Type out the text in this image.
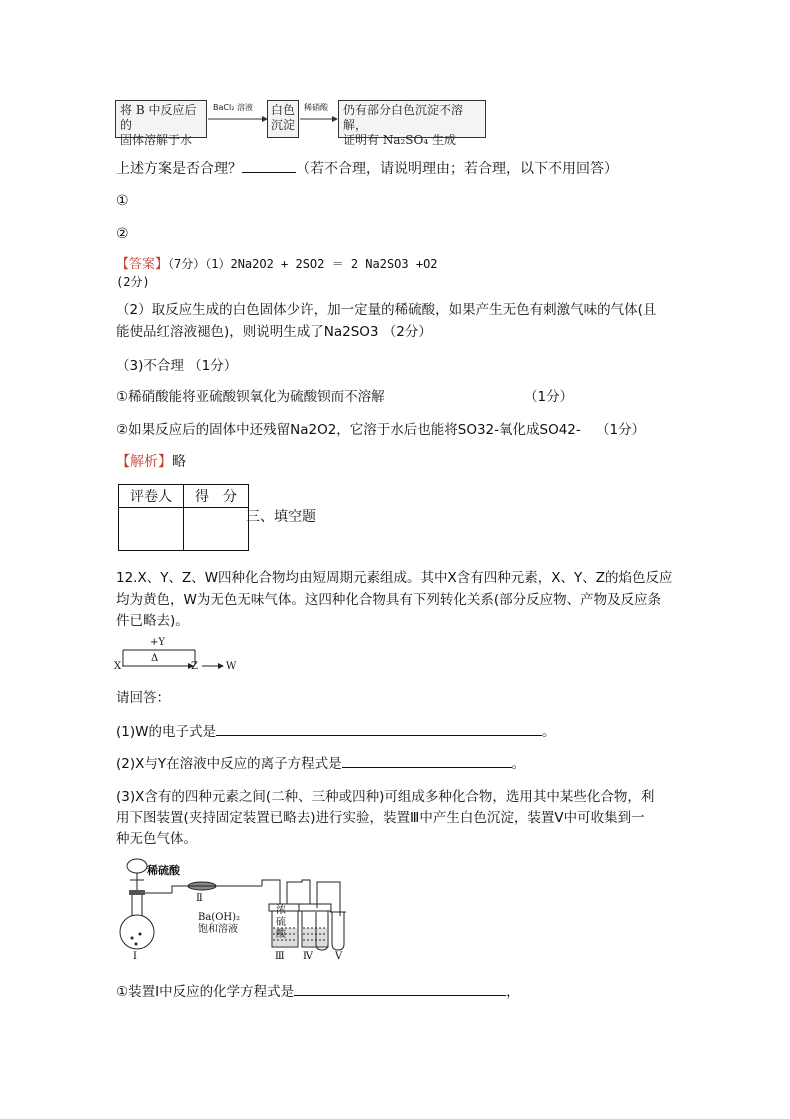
将 B 中反应后的
固体溶解于水
BaCl₂ 溶液 白色
沉淀
稀硝酸 仍有部分白色沉淀不溶解，
证明有 Na₂SO₄ 生成
上述方案是否合理？	（若不合理，请说明理由；若合理，以下不用回答）
①
②
【答案】（7分）（1）2Na2O2 + 2SO2 ＝ 2 Na2SO3 +O2
(2分)
（2）取反应生成的白色固体少许，加一定量的稀硫酸，如果产生无色有刺激气味的气体(且
能使品红溶液褪色)，则说明生成了Na2SO3 （2分）
（3)不合理 （1分）
①稀硝酸能将亚硫酸钡氧化为硫酸钡而不溶解	（1分）
②如果反应后的固体中还残留Na2O2，它溶于水后也能将SO32-氧化成SO42- （1分）
【解析】略
评卷人	得　分

三、填空题
12.X、Y、Z、W四种化合物均由短周期元素组成。其中X含有四种元素，X、Y、Z的焰色反应
均为黄色，W为无色无味气体。这四种化合物具有下列转化关系(部分反应物、产物及反应条
件已略去)。
+Y
Δ
X	Z	W
请回答：
(1)W的电子式是	。
(2)X与Y在溶液中反应的离子方程式是	。
(3)X含有的四种元素之间(二种、三种或四种)可组成多种化合物，选用其中某些化合物，利
用下图装置(夹持固定装置已略去)进行实验，装置Ⅲ中产生白色沉淀，装置Ⅴ中可收集到一
种无色气体。
稀硫酸
Ⅱ
Ba(OH)₂
饱和溶液
浓
硫
酸
Ⅰ	Ⅲ Ⅳ Ⅴ
①装置Ⅰ中反应的化学方程式是	，
